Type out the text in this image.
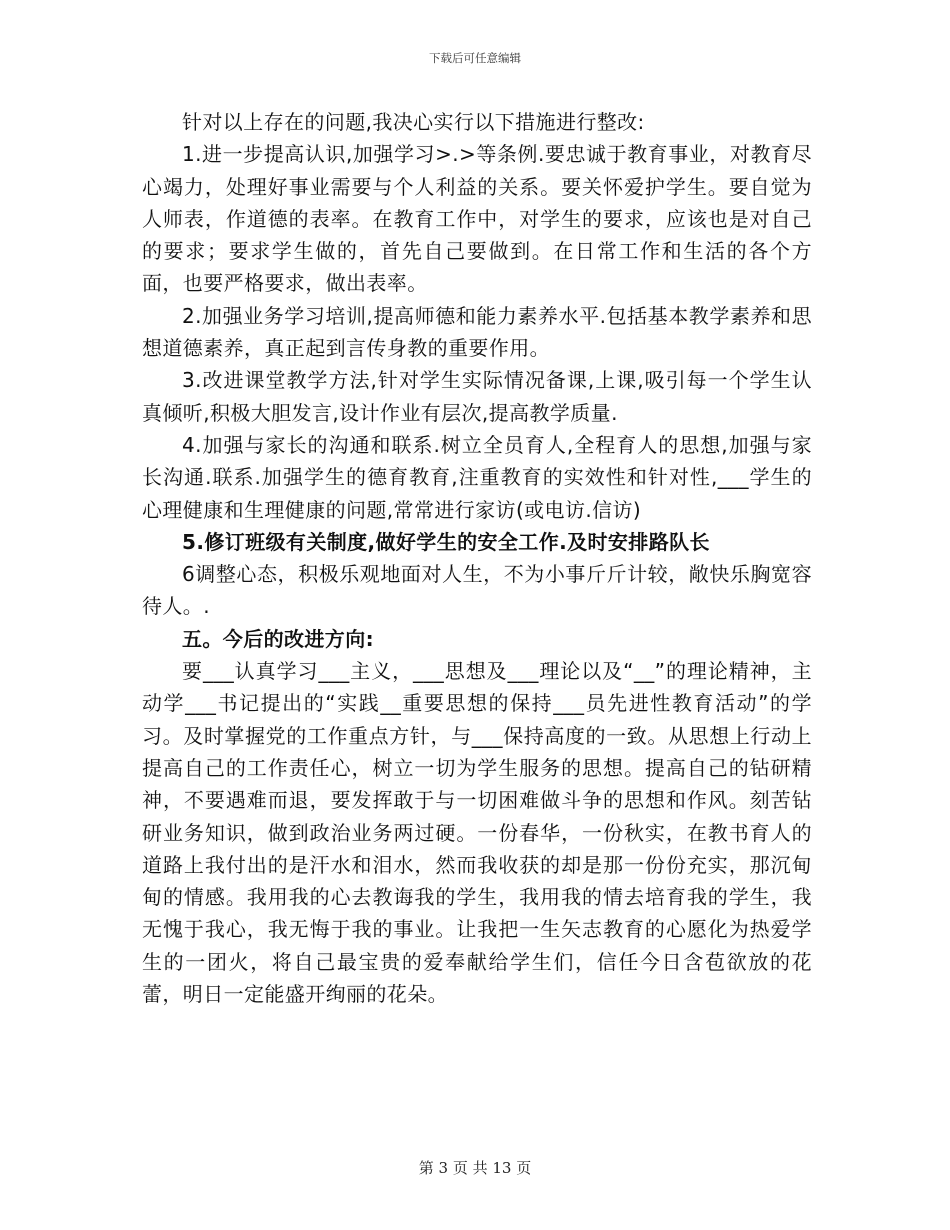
下载后可任意编辑

针对以上存在的问题,我决心实行以下措施进行整改:

1.进一步提高认识,加强学习>.>等条例.要忠诚于教育事业，对教育尽心竭力，处理好事业需要与个人利益的关系。要关怀爱护学生。要自觉为人师表，作道德的表率。在教育工作中，对学生的要求，应该也是对自己的要求；要求学生做的，首先自己要做到。在日常工作和生活的各个方面，也要严格要求，做出表率。

2.加强业务学习培训,提高师德和能力素养水平.包括基本教学素养和思想道德素养，真正起到言传身教的重要作用。

3.改进课堂教学方法,针对学生实际情况备课,上课,吸引每一个学生认真倾听,积极大胆发言,设计作业有层次,提高教学质量.

4.加强与家长的沟通和联系.树立全员育人,全程育人的思想,加强与家长沟通.联系.加强学生的德育教育,注重教育的实效性和针对性,___学生的心理健康和生理健康的问题,常常进行家访(或电访.信访)

5.修订班级有关制度,做好学生的安全工作.及时安排路队长

6调整心态，积极乐观地面对人生，不为小事斤斤计较，敞快乐胸宽容待人。.

五。今后的改进方向:

要___认真学习___主义，___思想及___理论以及“__”的理论精神，主动学___书记提出的“实践__重要思想的保持___员先进性教育活动”的学习。及时掌握党的工作重点方针，与___保持高度的一致。从思想上行动上提高自己的工作责任心，树立一切为学生服务的思想。提高自己的钻研精神，不要遇难而退，要发挥敢于与一切困难做斗争的思想和作风。刻苦钻研业务知识，做到政治业务两过硬。一份春华，一份秋实，在教书育人的道路上我付出的是汗水和泪水，然而我收获的却是那一份份充实，那沉甸甸的情感。我用我的心去教诲我的学生，我用我的情去培育我的学生，我无愧于我心，我无悔于我的事业。让我把一生矢志教育的心愿化为热爱学生的一团火，将自己最宝贵的爱奉献给学生们，信任今日含苞欲放的花蕾，明日一定能盛开绚丽的花朵。

第 3 页 共 13 页
